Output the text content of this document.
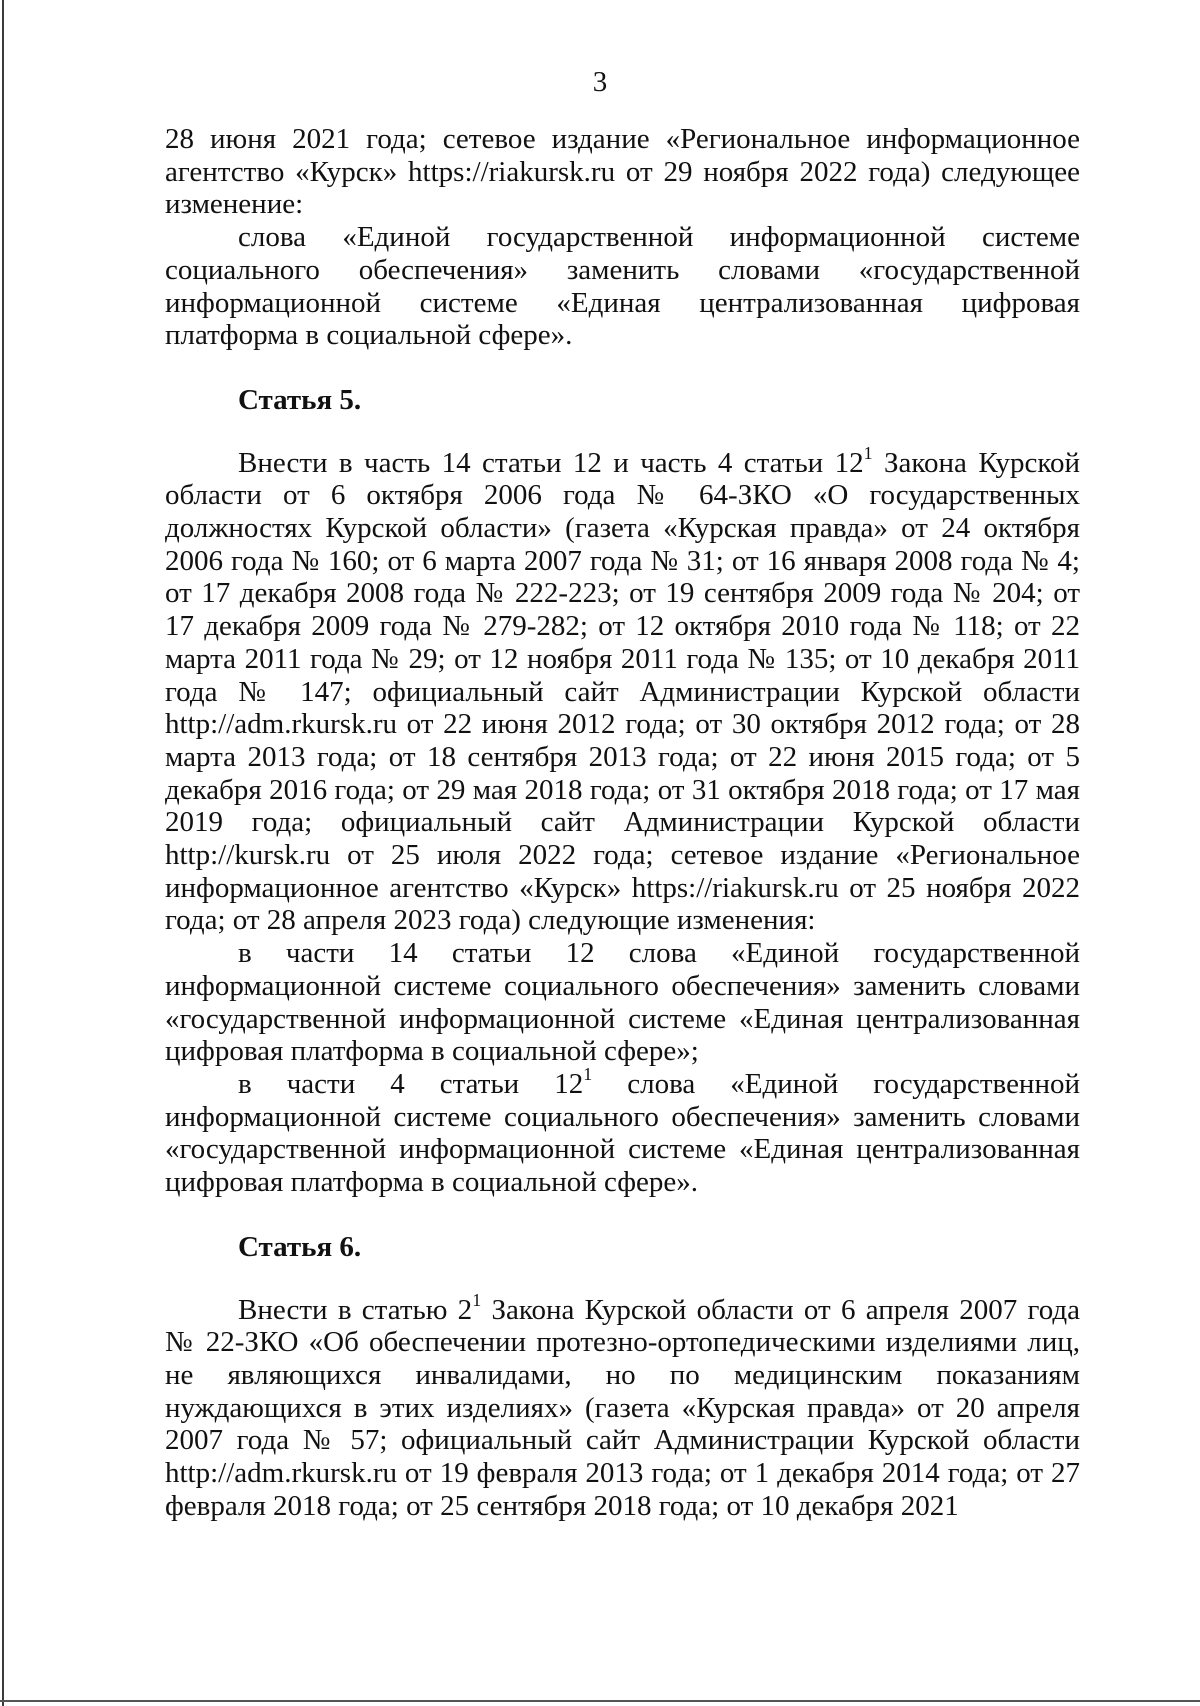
3

28 июня 2021 года; сетевое издание «Региональное информационное агентство «Курск» https://riakursk.ru от 29 ноября 2022 года) следующее изменение:

слова «Единой государственной информационной системе социального обеспечения» заменить словами «государственной информационной системе «Единая централизованная цифровая платформа в социальной сфере».

Статья 5.

Внести в часть 14 статьи 12 и часть 4 статьи $12^1$ Закона Курской области от 6 октября 2006 года № 64-ЗКО «О государственных должностях Курской области» (газета «Курская правда» от 24 октября 2006 года № 160; от 6 марта 2007 года № 31; от 16 января 2008 года № 4; от 17 декабря 2008 года № 222-223; от 19 сентября 2009 года № 204; от 17 декабря 2009 года № 279-282; от 12 октября 2010 года № 118; от 22 марта 2011 года № 29; от 12 ноября 2011 года № 135; от 10 декабря 2011 года № 147; официальный сайт Администрации Курской области http://adm.rkursk.ru от 22 июня 2012 года; от 30 октября 2012 года; от 28 марта 2013 года; от 18 сентября 2013 года; от 22 июня 2015 года; от 5 декабря 2016 года; от 29 мая 2018 года; от 31 октября 2018 года; от 17 мая 2019 года; официальный сайт Администрации Курской области http://kursk.ru от 25 июля 2022 года; сетевое издание «Региональное информационное агентство «Курск» https://riakursk.ru от 25 ноября 2022 года; от 28 апреля 2023 года) следующие изменения:

в части 14 статьи 12 слова «Единой государственной информационной системе социального обеспечения» заменить словами «государственной информационной системе «Единая централизованная цифровая платформа в социальной сфере»;

в части 4 статьи $12^1$ слова «Единой государственной информационной системе социального обеспечения» заменить словами «государственной информационной системе «Единая централизованная цифровая платформа в социальной сфере».

Статья 6.

Внести в статью $2^1$ Закона Курской области от 6 апреля 2007 года № 22-ЗКО «Об обеспечении протезно-ортопедическими изделиями лиц, не являющихся инвалидами, но по медицинским показаниям нуждающихся в этих изделиях» (газета «Курская правда» от 20 апреля 2007 года № 57; официальный сайт Администрации Курской области http://adm.rkursk.ru от 19 февраля 2013 года; от 1 декабря 2014 года; от 27 февраля 2018 года; от 25 сентября 2018 года; от 10 декабря 2021
